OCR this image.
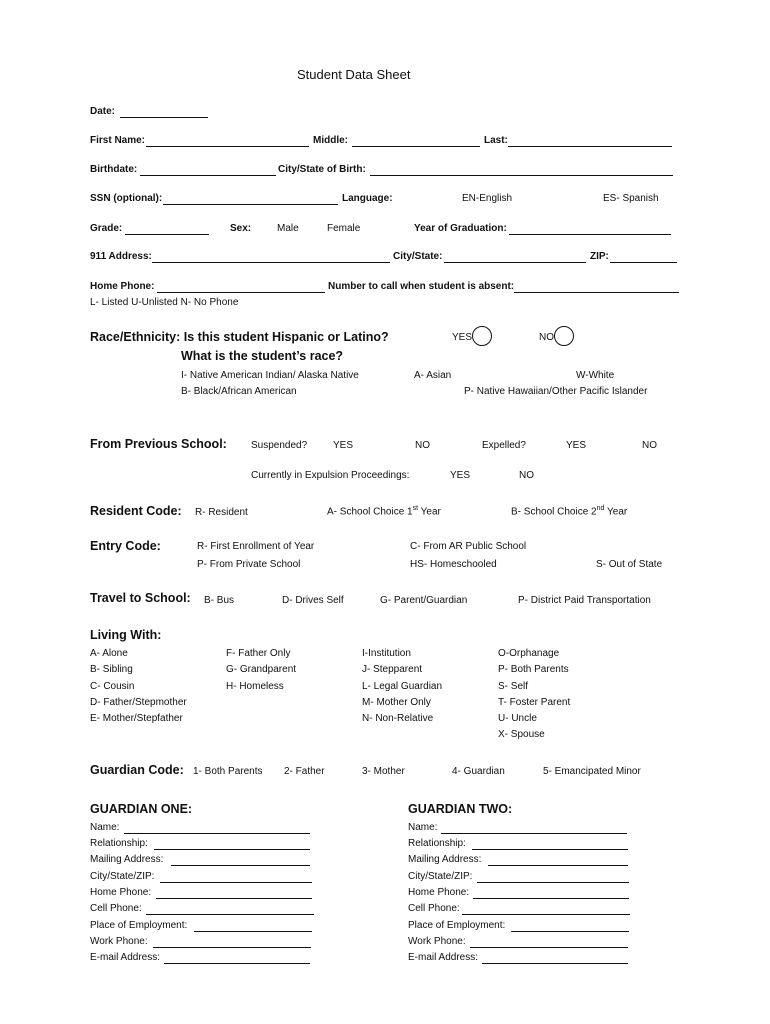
Student Data Sheet
Date:
First Name:	Middle:	Last:
Birthdate:	City/State of Birth:
SSN (optional):	Language:	EN-English	ES- Spanish
Grade:	Sex:	Male	Female	Year of Graduation:
911 Address:	City/State:	ZIP:
Home Phone:	Number to call when student is absent:
L- Listed U-Unlisted N- No Phone
Race/Ethnicity: Is this student Hispanic or Latino?	YES	NO
What is the student’s race?
I- Native American Indian/ Alaska Native	A- Asian	W-White
B- Black/African American	P- Native Hawaiian/Other Pacific Islander
From Previous School: Suspended?	YES	NO	Expelled?	YES	NO
Currently in Expulsion Proceedings:	YES	NO
Resident Code: R- Resident	A- School Choice 1st Year	B- School Choice 2nd Year
Entry Code:	R- First Enrollment of Year	C- From AR Public School
P- From Private School	HS- Homeschooled	S- Out of State
Travel to School: B- Bus	D- Drives Self	G- Parent/Guardian	P- District Paid Transportation
Living With:
A- Alone
B- Sibling
C- Cousin
D- Father/Stepmother
E- Mother/Stepfather
F- Father Only
G- Grandparent
H- Homeless
I-Institution
J- Stepparent
L- Legal Guardian
M- Mother Only
N- Non-Relative
O-Orphanage
P- Both Parents
S- Self
T- Foster Parent
U- Uncle
X- Spouse
Guardian Code: 1- Both Parents 2- Father	3- Mother	4- Guardian	5- Emancipated Minor
GUARDIAN ONE:
Name:
Relationship:
Mailing Address:
City/State/ZIP:
Home Phone:
Cell Phone:
Place of Employment:
Work Phone:
E-mail Address:
GUARDIAN TWO:
Name:
Relationship:
Mailing Address:
City/State/ZIP:
Home Phone:
Cell Phone:
Place of Employment:
Work Phone:
E-mail Address:
